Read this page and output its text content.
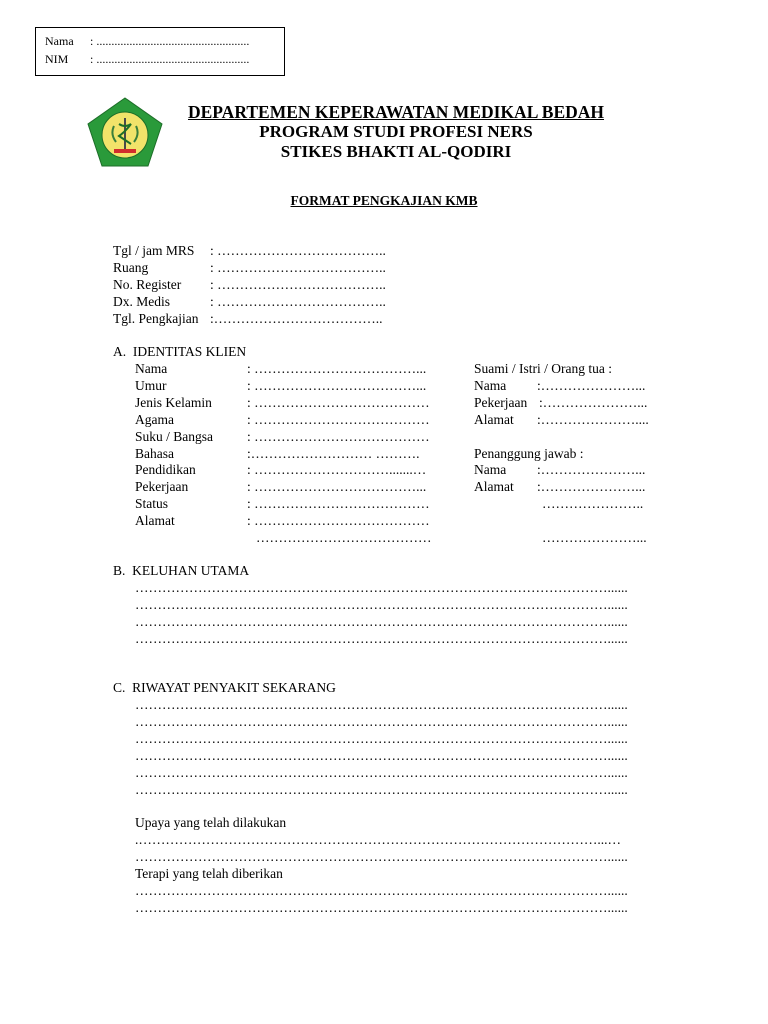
Nama : ...................................................
NIM : ...................................................
DEPARTEMEN KEPERAWATAN MEDIKAL BEDAH
PROGRAM STUDI PROFESI NERS
STIKES BHAKTI AL-QODIRI
FORMAT PENGKAJIAN KMB
Tgl / jam MRS : ………………………………..
Ruang	: ………………………………..
No. Register : ………………………………..
Dx. Medis	: ………………………………..
Tgl. Pengkajian :………………………………..
A.  IDENTITAS KLIEN
Nama	: ………………………………...
Umur	: ………………………………...
Jenis Kelamin	: …………………………………
Agama	: …………………………………
Suku / Bangsa	: …………………………………
Bahasa	:……………………… ……….
Pendidikan	: ………………………….......…
Pekerjaan	: ………………………………...
Status	: …………………………………
Alamat	: …………………………………
…………………………………
Suami / Istri / Orang tua :
Nama :…………………...
Pekerjaan :…………………...
Alamat :…………………....
Penanggung jawab :
Nama :…………………...
Alamat :…………………...
…………………..
…………………...
B.  KELUHAN UTAMA
……………………………………………………………………………………………......
……………………………………………………………………………………………......
……………………………………………………………………………………………......
……………………………………………………………………………………………......
C.  RIWAYAT PENYAKIT SEKARANG
……………………………………………………………………………………………......
……………………………………………………………………………………………......
……………………………………………………………………………………………......
……………………………………………………………………………………………......
……………………………………………………………………………………………......
……………………………………………………………………………………………......
Upaya yang telah dilakukan
.…………………………………………………………………………………………...…
……………………………………………………………………………………………......
Terapi yang telah diberikan
……………………………………………………………………………………………......
……………………………………………………………………………………………......
